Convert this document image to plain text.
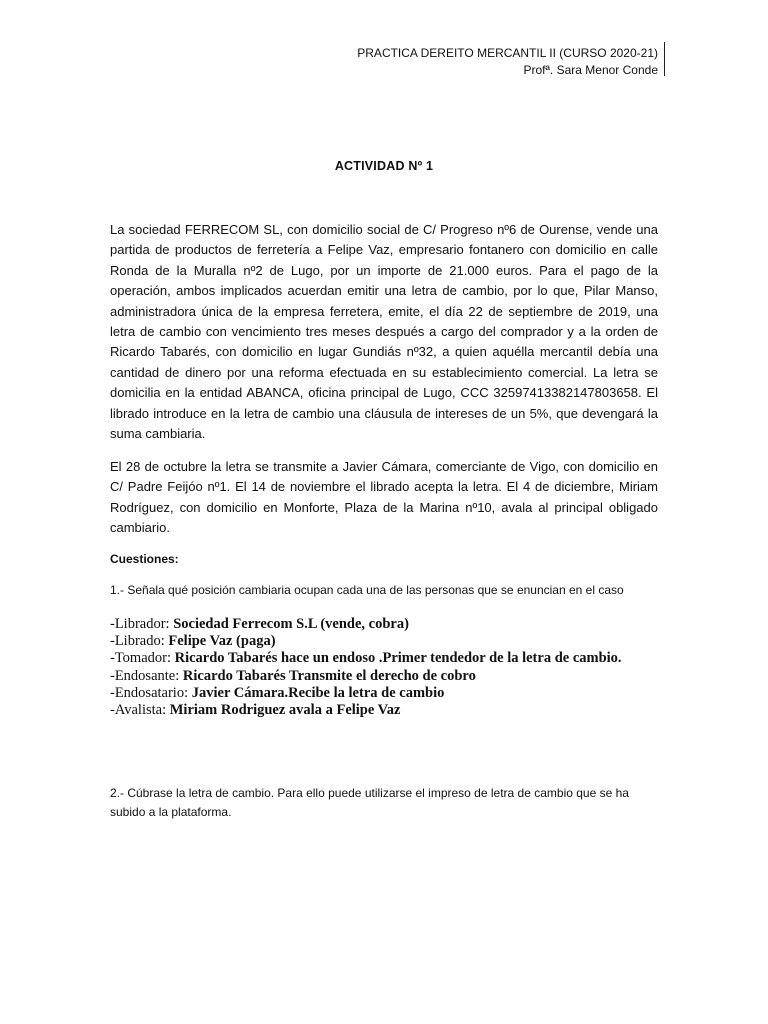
PRACTICA DEREITO MERCANTIL II (CURSO 2020-21)
Profª. Sara Menor Conde
ACTIVIDAD Nº 1

La sociedad FERRECOM SL, con domicilio social de C/ Progreso nº6 de Ourense, vende una partida de productos de ferretería a Felipe Vaz, empresario fontanero con domicilio en calle Ronda de la Muralla nº2 de Lugo, por un importe de 21.000 euros. Para el pago de la operación, ambos implicados acuerdan emitir una letra de cambio, por lo que, Pilar Manso, administradora única de la empresa ferretera, emite, el día 22 de septiembre de 2019, una letra de cambio con vencimiento tres meses después a cargo del comprador y a la orden de Ricardo Tabarés, con domicilio en lugar Gundiás nº32, a quien aquélla mercantil debía una cantidad de dinero por una reforma efectuada en su establecimiento comercial. La letra se domicilia en la entidad ABANCA, oficina principal de Lugo, CCC 32597413382147803658. El librado introduce en la letra de cambio una cláusula de intereses de un 5%, que devengará la suma cambiaria.

El 28 de octubre la letra se transmite a Javier Cámara, comerciante de Vigo, con domicilio en C/ Padre Feijóo nº1. El 14 de noviembre el librado acepta la letra. El 4 de diciembre, Miriam Rodríguez, con domicilio en Monforte, Plaza de la Marina nº10, avala al principal obligado cambiario.

Cuestiones:
1.- Señala qué posición cambiaria ocupan cada una de las personas que se enuncian en el caso
-Librador: Sociedad Ferrecom S.L (vende, cobra)
-Librado: Felipe Vaz (paga)
-Tomador: Ricardo Tabarés hace un endoso .Primer tendedor de la letra de cambio.
-Endosante: Ricardo Tabarés Transmite el derecho de cobro
-Endosatario: Javier Cámara.Recibe la letra de cambio
-Avalista: Miriam Rodriguez avala a Felipe Vaz
2.- Cúbrase la letra de cambio. Para ello puede utilizarse el impreso de letra de cambio que se ha subido a la plataforma.
